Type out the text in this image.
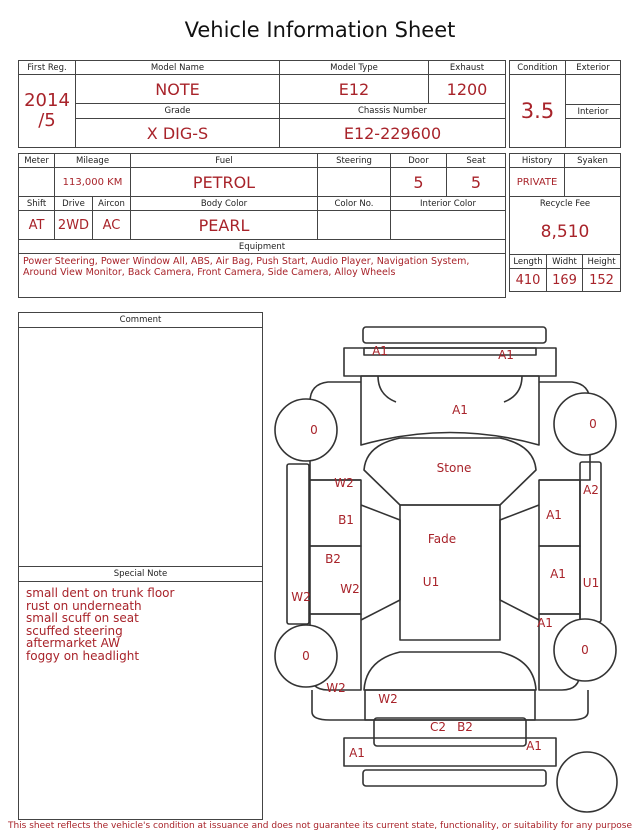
Vehicle Information Sheet
First Reg.	Model Name	Model Type	Exhaust

2014
/5	NOTE	E12	1200
	Grade	Chassis Number	
	X DIG-S	E12-229600	
Condition	Exterior
3.5	
	Interior

Meter	Mileage		Fuel	Steering	Door	Seat
	113,000 KM		PETROL		5	5
Shift	Drive	Aircon	Body Color	Color No.	Interior Color	
AT	2WD	AC	PEARL			
Equipment						
Power Steering, Power Window All, ABS, Air Bag, Push Start, Audio Player, Navigation System, Around View Monitor, Back Camera, Front Camera, Side Camera, Alloy Wheels						
History		Syaken	
PRIVATE			
Recycle Fee			
8,510			
Length	Widht		Height
410	169		152
Comment
Special Note
small dent on trunk floor
rust on underneath
small scuff on seat
scuffed steering
aftermarket AW
foggy on headlight
A1	A1
A1
0	0
Stone
W2	A2
B1	A1
Fade
B2
W2	U1
A1
W2
U1
A1
0	0
W2
W2
C2 B2
A1	A1
This sheet reflects the vehicle's condition at issuance and does not guarantee its current state, functionality, or suitability for any purpose
